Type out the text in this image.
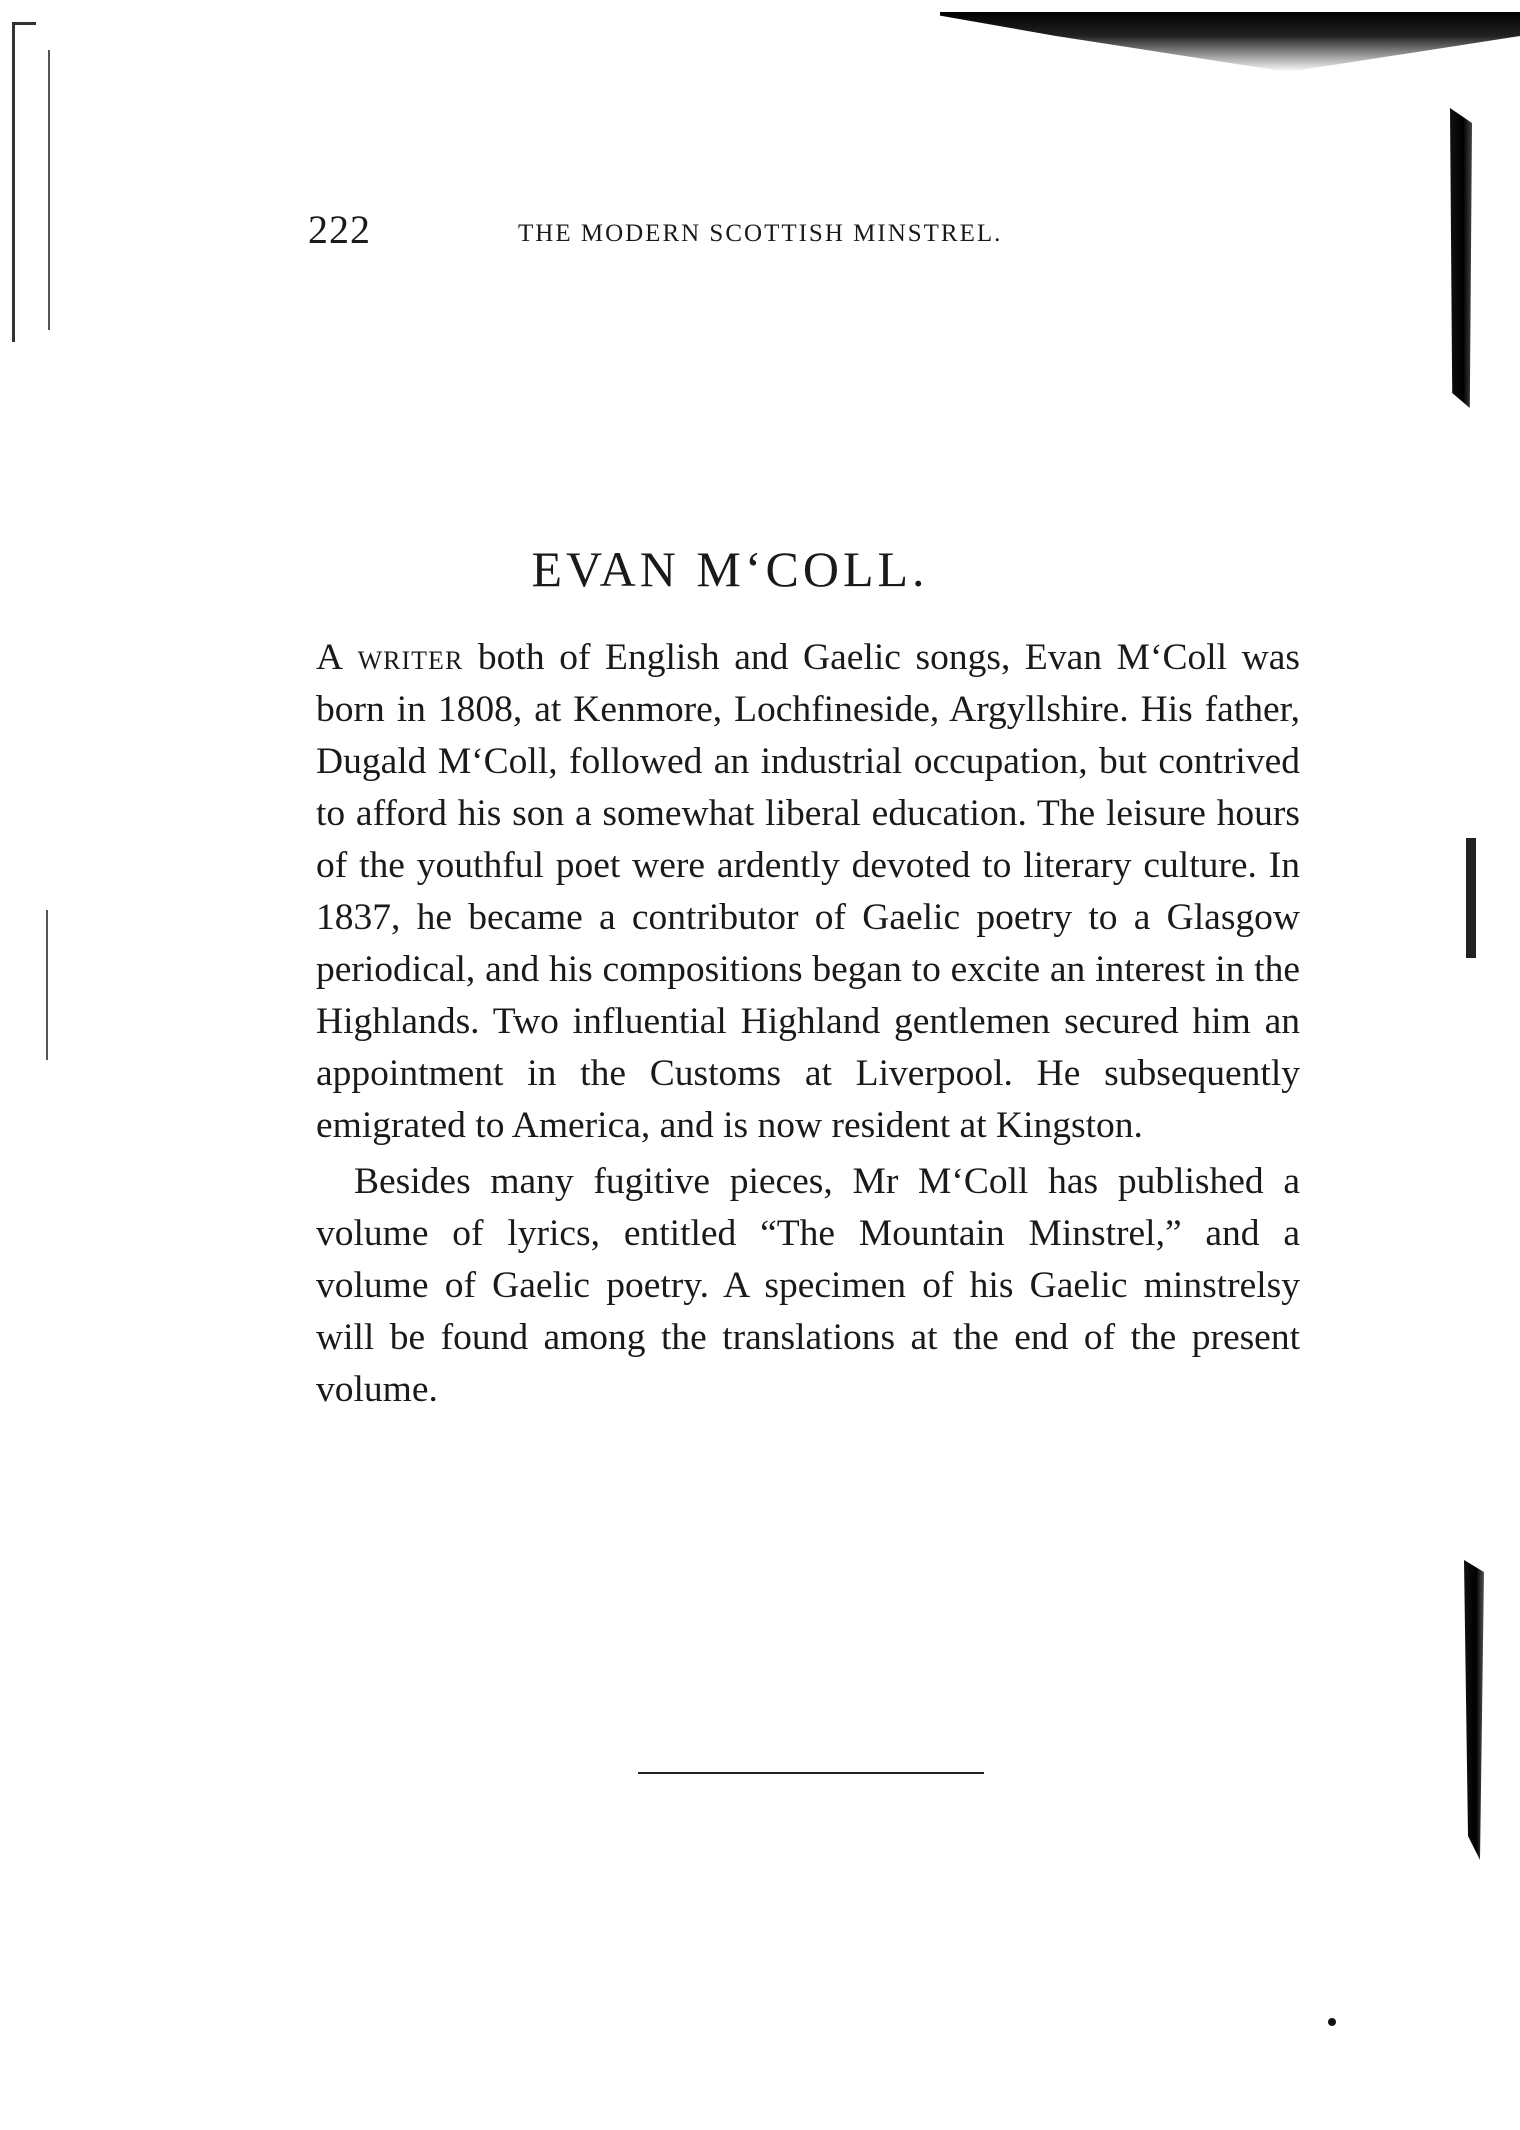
222	THE MODERN SCOTTISH MINSTREL.
EVAN M‘COLL.

A writer both of English and Gaelic songs, Evan M‘Coll was born in 1808, at Kenmore, Lochfineside, Argyllshire. His father, Dugald M‘Coll, followed an industrial occupation, but contrived to afford his son a somewhat liberal education. The leisure hours of the youthful poet were ardently devoted to literary culture. In 1837, he became a contributor of Gaelic poetry to a Glasgow periodical, and his compositions began to excite an interest in the Highlands. Two influential Highland gentlemen secured him an appointment in the Customs at Liverpool. He subsequently emigrated to America, and is now resident at Kingston.

Besides many fugitive pieces, Mr M‘Coll has published a volume of lyrics, entitled “The Mountain Minstrel,” and a volume of Gaelic poetry. A specimen of his Gaelic minstrelsy will be found among the translations at the end of the present volume.
